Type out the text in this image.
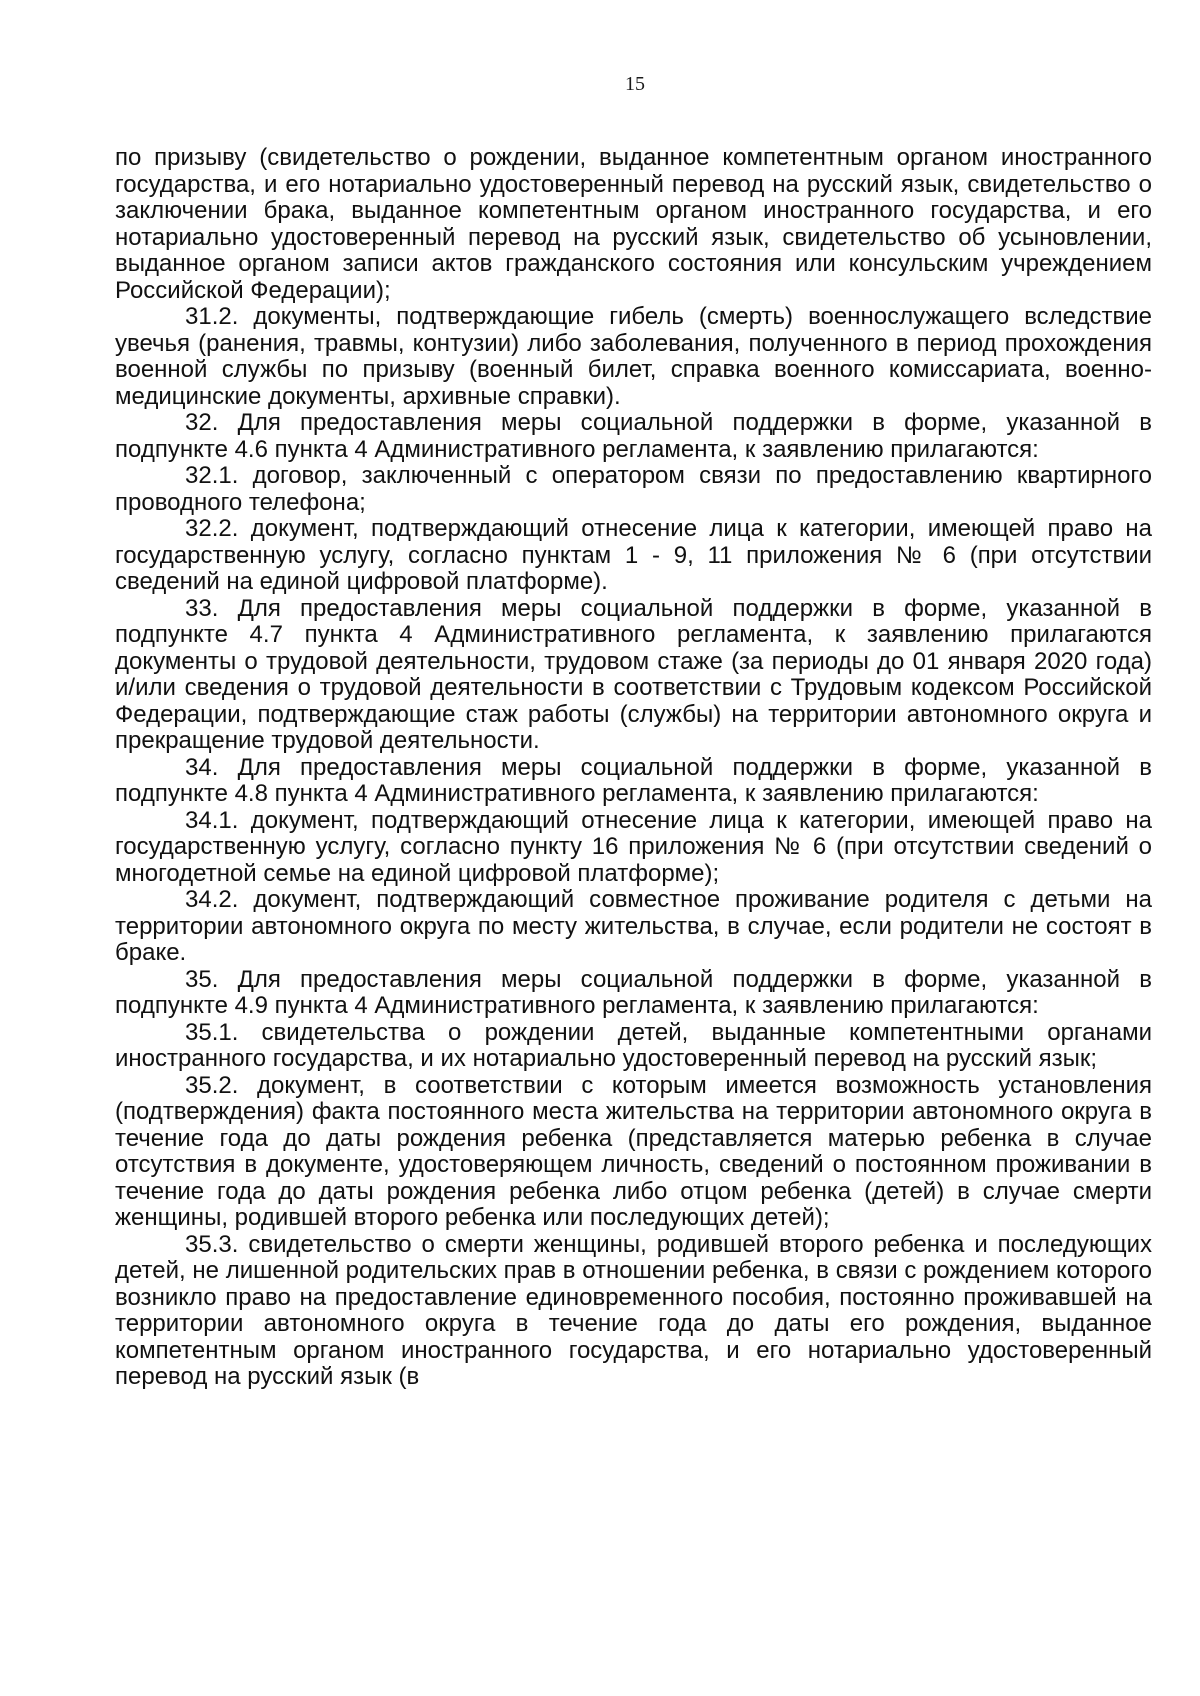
15

по призыву (свидетельство о рождении, выданное компетентным органом иностранного государства, и его нотариально удостоверенный перевод на русский язык, свидетельство о заключении брака, выданное компетентным органом иностранного государства, и его нотариально удостоверенный перевод на русский язык, свидетельство об усыновлении, выданное органом записи актов гражданского состояния или консульским учреждением Российской Федерации);

31.2. документы, подтверждающие гибель (смерть) военнослужащего вследствие увечья (ранения, травмы, контузии) либо заболевания, полученного в период прохождения военной службы по призыву (военный билет, справка военного комиссариата, военно-медицинские документы, архивные справки).

32. Для предоставления меры социальной поддержки в форме, указанной в подпункте 4.6 пункта 4 Административного регламента, к заявлению прилагаются:

32.1. договор, заключенный с оператором связи по предоставлению квартирного проводного телефона;

32.2. документ, подтверждающий отнесение лица к категории, имеющей право на государственную услугу, согласно пунктам 1 - 9, 11 приложения № 6 (при отсутствии сведений на единой цифровой платформе).

33. Для предоставления меры социальной поддержки в форме, указанной в подпункте 4.7 пункта 4 Административного регламента, к заявлению прилагаются документы о трудовой деятельности, трудовом стаже (за периоды до 01 января 2020 года) и/или сведения о трудовой деятельности в соответствии с Трудовым кодексом Российской Федерации, подтверждающие стаж работы (службы) на территории автономного округа и прекращение трудовой деятельности.

34. Для предоставления меры социальной поддержки в форме, указанной в подпункте 4.8 пункта 4 Административного регламента, к заявлению прилагаются:

34.1. документ, подтверждающий отнесение лица к категории, имеющей право на государственную услугу, согласно пункту 16 приложения № 6 (при отсутствии сведений о многодетной семье на единой цифровой платформе);

34.2. документ, подтверждающий совместное проживание родителя с детьми на территории автономного округа по месту жительства, в случае, если родители не состоят в браке.

35. Для предоставления меры социальной поддержки в форме, указанной в подпункте 4.9 пункта 4 Административного регламента, к заявлению прилагаются:

35.1. свидетельства о рождении детей, выданные компетентными органами иностранного государства, и их нотариально удостоверенный перевод на русский язык;

35.2. документ, в соответствии с которым имеется возможность установления (подтверждения) факта постоянного места жительства на территории автономного округа в течение года до даты рождения ребенка (представляется матерью ребенка в случае отсутствия в документе, удостоверяющем личность, сведений о постоянном проживании в течение года до даты рождения ребенка либо отцом ребенка (детей) в случае смерти женщины, родившей второго ребенка или последующих детей);

35.3. свидетельство о смерти женщины, родившей второго ребенка и последующих детей, не лишенной родительских прав в отношении ребенка, в связи с рождением которого возникло право на предоставление единовременного пособия, постоянно проживавшей на территории автономного округа в течение года до даты его рождения, выданное компетентным органом иностранного государства, и его нотариально удостоверенный перевод на русский язык (в
